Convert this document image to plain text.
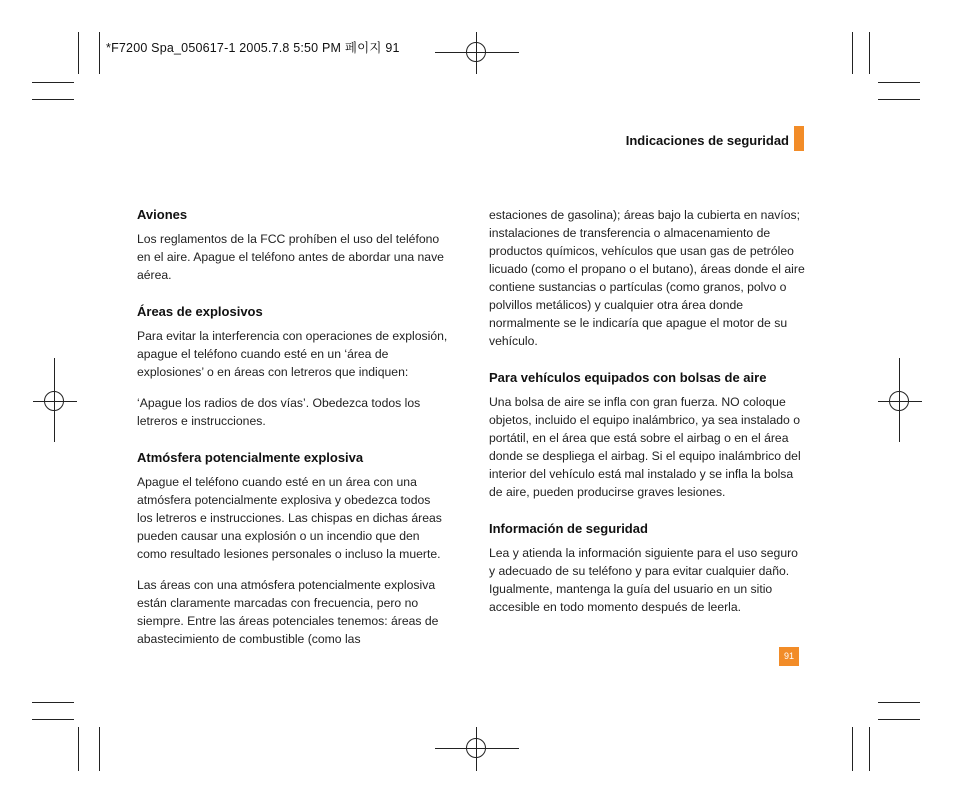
*F7200 Spa_050617-1 2005.7.8 5:50 PM 페이지 91
Indicaciones de seguridad
Aviones

Los reglamentos de la FCC prohíben el uso del teléfono en el aire. Apague el teléfono antes de abordar una nave aérea.

Áreas de explosivos

Para evitar la interferencia con operaciones de explosión, apague el teléfono cuando esté en un ‘área de explosiones’ o en áreas con letreros que indiquen:

‘Apague los radios de dos vías’. Obedezca todos los letreros e instrucciones.

Atmósfera potencialmente explosiva

Apague el teléfono cuando esté en un área con una atmósfera potencialmente explosiva y obedezca todos los letreros e instrucciones. Las chispas en dichas áreas pueden causar una explosión o un incendio que den como resultado lesiones personales o incluso la muerte.

Las áreas con una atmósfera potencialmente explosiva están claramente marcadas con frecuencia, pero no siempre. Entre las áreas potenciales tenemos: áreas de abastecimiento de combustible (como las

estaciones de gasolina); áreas bajo la cubierta en navíos; instalaciones de transferencia o almacenamiento de productos químicos, vehículos que usan gas de petróleo licuado (como el propano o el butano), áreas donde el aire contiene sustancias o partículas (como granos, polvo o polvillos metálicos) y cualquier otra área donde normalmente se le indicaría que apague el motor de su vehículo.

Para vehículos equipados con bolsas de aire

Una bolsa de aire se infla con gran fuerza. NO coloque objetos, incluido el equipo inalámbrico, ya sea instalado o portátil, en el área que está sobre el airbag o en el área donde se despliega el airbag. Si el equipo inalámbrico del interior del vehículo está mal instalado y se infla la bolsa de aire, pueden producirse graves lesiones.

Información de seguridad

Lea y atienda la información siguiente para el uso seguro y adecuado de su teléfono y para evitar cualquier daño. Igualmente, mantenga la guía del usuario en un sitio accesible en todo momento después de leerla.

91
